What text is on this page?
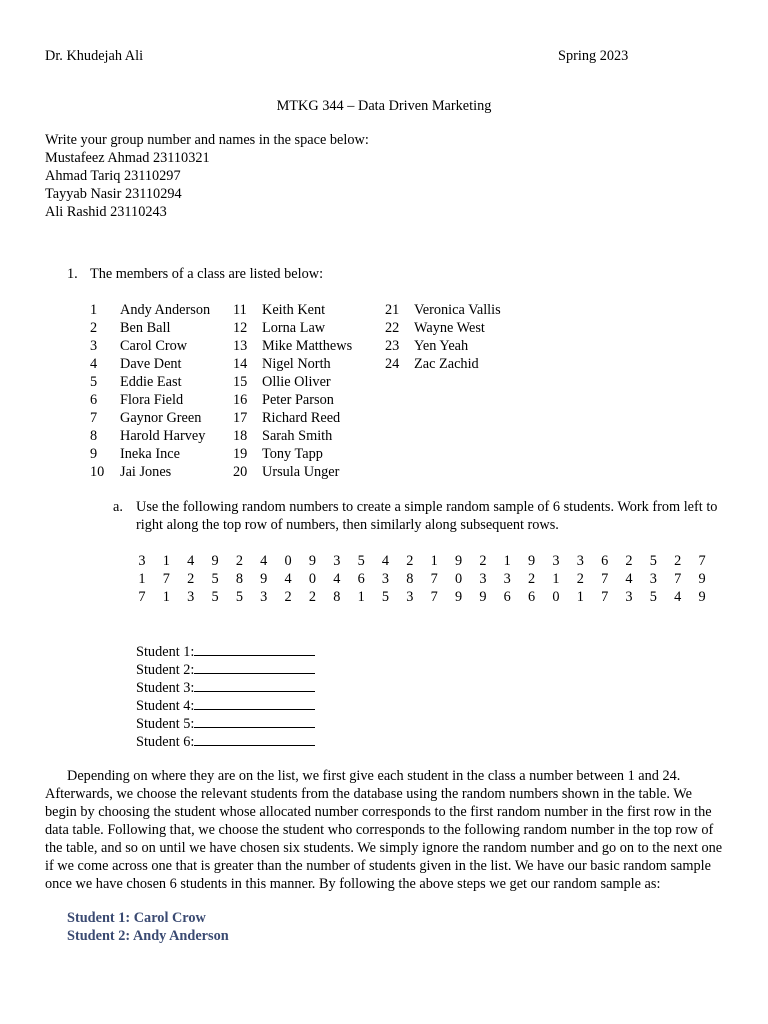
Dr. Khudejah Ali	Spring 2023
MTKG 344 – Data Driven Marketing
Write your group number and names in the space below:
Mustafeez Ahmad 23110321
Ahmad Tariq 23110297
Tayyab Nasir 23110294
Ali Rashid 23110243
1. The members of a class are listed below:
1 Andy Anderson
2 Ben Ball
3 Carol Crow
4 Dave Dent
5 Eddie East
6 Flora Field
7 Gaynor Green
8 Harold Harvey
9 Ineka Ince
10 Jai Jones
11 Keith Kent
12 Lorna Law
13 Mike Matthews
14 Nigel North
15 Ollie Oliver
16 Peter Parson
17 Richard Reed
18 Sarah Smith
19 Tony Tapp
20 Ursula Unger
21 Veronica Vallis
22 Wayne West
23 Yen Yeah
24 Zac Zachid
a. Use the following random numbers to create a simple random sample of 6 students. Work from left to right along the top row of numbers, then similarly along subsequent rows.
3 1 4 9 2 4 0 9 3 5 4 2 1 9 2 1 9 3 3 6 2 5 2 7
1 7 2 5 8 9 4 0 4 6 3 8 7 0 3 3 2 1 2 7 4 3 7 9
7 1 3 5 5 3 2 2 8 1 5 3 7 9 9 6 6 0 1 7 3 5 4 9
Student 1:
Student 2:
Student 3:
Student 4:
Student 5:
Student 6:
Depending on where they are on the list, we first give each student in the class a number between 1 and 24. Afterwards, we choose the relevant students from the database using the random numbers shown in the table. We begin by choosing the student whose allocated number corresponds to the first random number in the first row in the data table. Following that, we choose the student who corresponds to the following random number in the top row of the table, and so on until we have chosen six students. We simply ignore the random number and go on to the next one if we come across one that is greater than the number of students given in the list. We have our basic random sample once we have chosen 6 students in this manner. By following the above steps we get our random sample as:
Student 1: Carol Crow
Student 2: Andy Anderson
